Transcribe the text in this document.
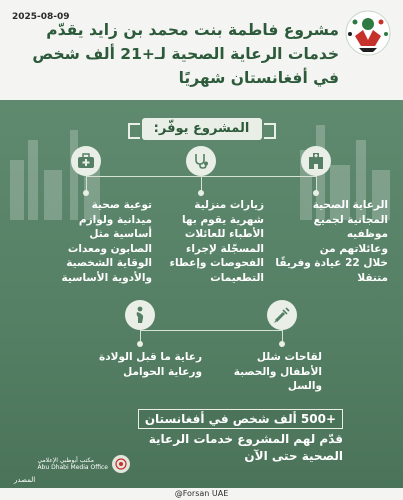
2025-08-09
مشروع فاطمة بنت محمد بن زايد يقدّم
خدمات الرعاية الصحية لـ+21 ألف شخص
في أفغانستان شهريًا
المشروع يوفّر:
توعية صحية
ميدانية ولوازم
أساسية مثل
الصابون ومعدات
الوقاية الشخصية
والأدوية الأساسية
زيارات منزلية
شهرية يقوم بها
الأطباء للعائلات
المسجّلة لإجراء
الفحوصات وإعطاء
التطعيمات
الرعاية الصحية
المجانية لجميع
موظفيه
وعائلاتهم من
خلال 22 عيادة وفريقًا
متنقلا
رعاية ما قبل الولادة
ورعاية الحوامل
لقاحات شلل
الأطفال والحصبة
والسل
+500 ألف شخص في أفغانستان
قدّم لهم المشروع خدمات الرعاية الصحية حتى الآن
مكتب أبوظبي الإعلامي
Abu Dhabi Media Office
المصدر
@Forsan UAE
